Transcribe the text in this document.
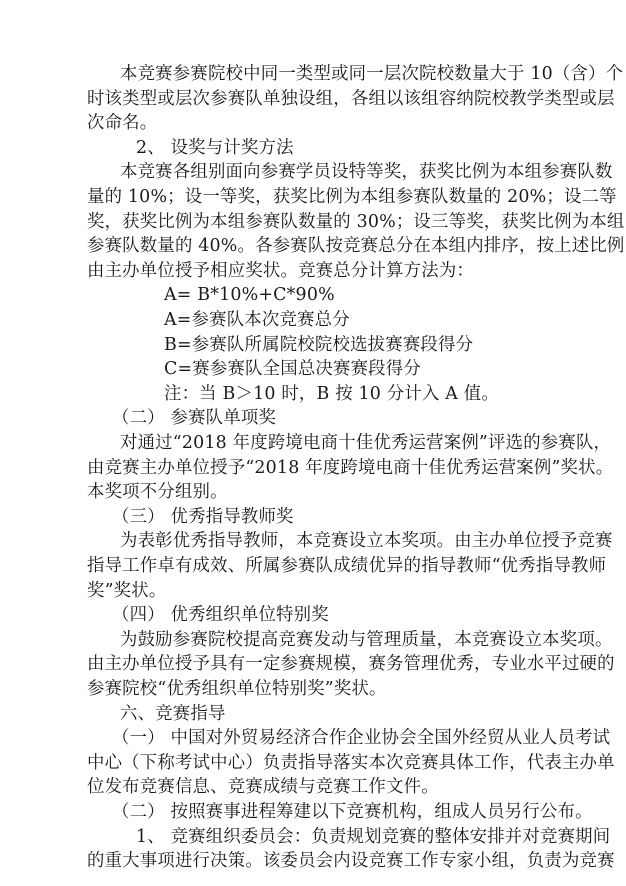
本竞赛参赛院校中同一类型或同一层次院校数量大于 10（含）个
时该类型或层次参赛队单独设组，各组以该组容纳院校教学类型或层
次命名。
2、 设奖与计奖方法
本竞赛各组别面向参赛学员设特等奖，获奖比例为本组参赛队数
量的 10%；设一等奖，获奖比例为本组参赛队数量的 20%；设二等
奖，获奖比例为本组参赛队数量的 30%；设三等奖，获奖比例为本组
参赛队数量的 40%。各参赛队按竞赛总分在本组内排序，按上述比例
由主办单位授予相应奖状。竞赛总分计算方法为：
A= B*10%+C*90%
A=参赛队本次竞赛总分
B=参赛队所属院校院校选拔赛赛段得分
C=赛参赛队全国总决赛赛段得分
注：当 B＞10 时，B 按 10 分计入 A 值。
（二） 参赛队单项奖
对通过“2018 年度跨境电商十佳优秀运营案例”评选的参赛队，
由竞赛主办单位授予“2018 年度跨境电商十佳优秀运营案例”奖状。
本奖项不分组别。
（三） 优秀指导教师奖
为表彰优秀指导教师，本竞赛设立本奖项。由主办单位授予竞赛
指导工作卓有成效、所属参赛队成绩优异的指导教师“优秀指导教师
奖”奖状。
（四） 优秀组织单位特别奖
为鼓励参赛院校提高竞赛发动与管理质量，本竞赛设立本奖项。
由主办单位授予具有一定参赛规模，赛务管理优秀，专业水平过硬的
参赛院校“优秀组织单位特别奖”奖状。
六、竞赛指导
（一） 中国对外贸易经济合作企业协会全国外经贸从业人员考试
中心（下称考试中心）负责指导落实本次竞赛具体工作，代表主办单
位发布竞赛信息、竞赛成绩与竞赛工作文件。
（二） 按照赛事进程筹建以下竞赛机构，组成人员另行公布。
1、 竞赛组织委员会：负责规划竞赛的整体安排并对竞赛期间
的重大事项进行决策。该委员会内设竞赛工作专家小组，负责为竞赛
